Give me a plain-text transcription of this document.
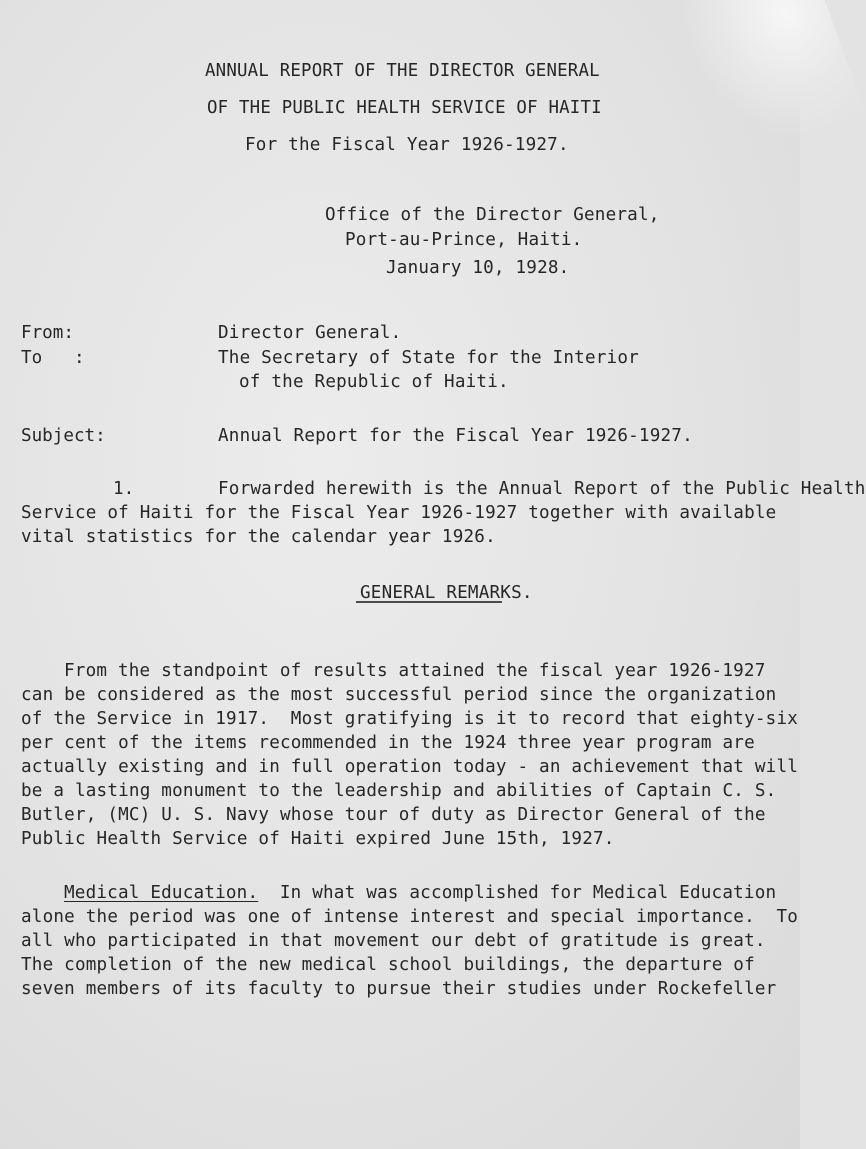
ANNUAL REPORT OF THE DIRECTOR GENERAL
OF THE PUBLIC HEALTH SERVICE OF HAITI
For the Fiscal Year 1926-1927.
Office of the Director General,
Port-au-Prince, Haiti.
January 10, 1928.
From:	Director General.
To   :	The Secretary of State for the Interior
of the Republic of Haiti.
Subject:	Annual Report for the Fiscal Year 1926-1927.
1.	Forwarded herewith is the Annual Report of the Public Health
Service of Haiti for the Fiscal Year 1926-1927 together with available
vital statistics for the calendar year 1926.
GENERAL REMARKS.
From the standpoint of results attained the fiscal year 1926-1927
can be considered as the most successful period since the organization
of the Service in 1917.  Most gratifying is it to record that eighty-six
per cent of the items recommended in the 1924 three year program are
actually existing and in full operation today - an achievement that will
be a lasting monument to the leadership and abilities of Captain C. S.
Butler, (MC) U. S. Navy whose tour of duty as Director General of the
Public Health Service of Haiti expired June 15th, 1927.
Medical Education.  In what was accomplished for Medical Education
alone the period was one of intense interest and special importance.  To
all who participated in that movement our debt of gratitude is great.
The completion of the new medical school buildings, the departure of
seven members of its faculty to pursue their studies under Rockefeller
